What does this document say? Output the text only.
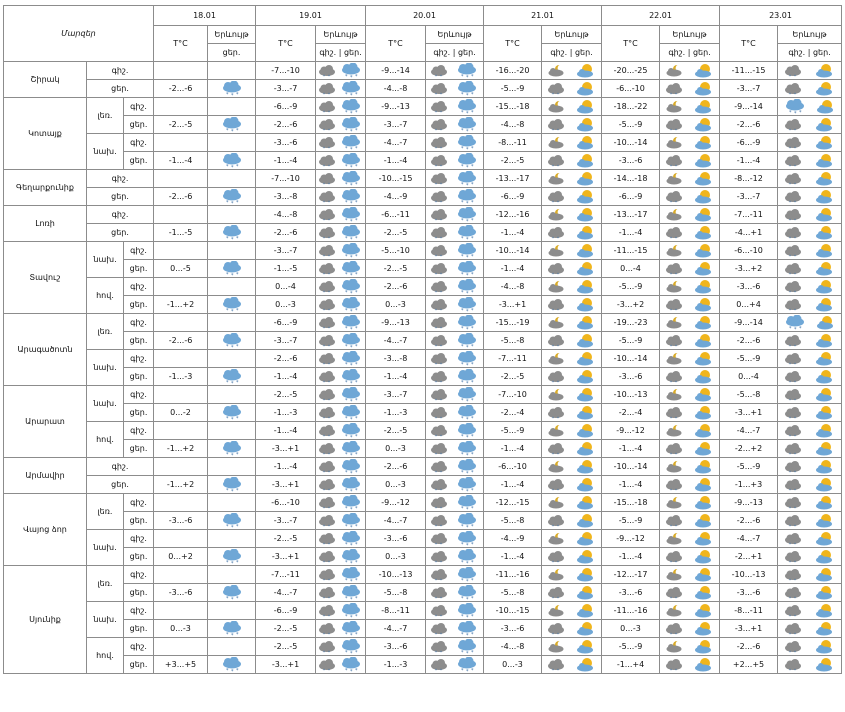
Մարզեր			18.01		19.01		20.01		21.01		22.01		23.01	
			T°C	Երևույթ	T°C	Երևույթ	T°C	Երևույթ	T°C	Երևույթ	T°C	Երևույթ	T°C	Երևույթ
				ցեր.		գիշ. | ցեր.		գիշ. | ցեր.		գիշ. | ցեր.		գիշ. | ցեր.		գիշ. | ցեր.
Շիրակ	գիշ.				-7...-10	* * * * *	-9...-14	* * * * *	-16...-20		-20...-25		-11...-15	* *

	ցեր.		-2...-6	* * *	-3...-7	* * * * *	-4...-8	* * * * *	-5...-9	* *	-6...-10	* *	-3...-7	* *

Կոտայք	լեռ.	գիշ.			-6...-9	* * * * *	-9...-13	* * * * *	-15...-18		-18...-22		-9...-14	* * *

		ցեր.	-2...-5	* * *	-2...-6	* * * * *	-3...-7	* * * * *	-4...-8	* *	-5...-9	* *	-2...-6	* *

	նախ.	գիշ.			-3...-6	* * * * *	-4...-7	* * * * *	-8...-11		-10...-14		-6...-9	* *

		ցեր.	-1...-4	* * *	-1...-4	* * * * *	-1...-4	* * * * *	-2...-5	* *	-3...-6	* *	-1...-4	* *

Գեղարքունիք	գիշ.				-7...-10	* * * * *	-10...-15	* * * * *	-13...-17		-14...-18		-8...-12	* *

	ցեր.		-2...-6	* * *	-3...-8	* * * * *	-4...-9	* * * * *	-6...-9	* *	-6...-9	* *	-3...-7	* *

Լոռի	գիշ.				-4...-8	* * * * *	-6...-11	* * * * *	-12...-16		-13...-17		-7...-11	* *

	ցեր.		-1...-5	* * *	-2...-6	* * * * *	-2...-5	* * * * *	-1...-4	* *	-1...-4	* *	-4...+1	* *

Տավուշ	նախ.	գիշ.			-3...-7	* * * * *	-5...-10	* * * * *	-10...-14		-11...-15		-6...-10	* *

		ցեր.	0...-5	* * *	-1...-5	* * * * *	-2...-5	* * * * *	-1...-4	* *	0...-4	* *	-3...+2	* *

	հով.	գիշ.			0...-4	* * * * *	-2...-6	* * * * *	-4...-8		-5...-9		-3...-6	* *

		ցեր.	-1...+2	* * *	0...-3	* * * * *	0...-3	* * * * *	-3...+1	* *	-3...+2	* *	0...+4	* *

Արագածոտն	լեռ.	գիշ.			-6...-9	* * * * *	-9...-13	* * * * *	-15...-19		-19...-23		-9...-14	* * *

		ցեր.	-2...-6	* * *	-3...-7	* * * * *	-4...-7	* * * * *	-5...-8	* *	-5...-9	* *	-2...-6	* *

	նախ.	գիշ.			-2...-6	* * * * *	-3...-8	* * * * *	-7...-11		-10...-14		-5...-9	* *

		ցեր.	-1...-3	* * *	-1...-4	* * * * *	-1...-4	* * * * *	-2...-5	* *	-3...-6	* *	0...-4	* *

Արարատ	նախ.	գիշ.			-2...-5	* * * * *	-3...-7	* * * * *	-7...-10		-10...-13		-5...-8	* *

		ցեր.	0...-2	* * *	-1...-3	* * * * *	-1...-3	* * * * *	-2...-4	* *	-2...-4	* *	-3...+1	* *

	հով.	գիշ.			-1...-4	* * * * *	-2...-5	* * * * *	-5...-9		-9...-12		-4...-7	* *

		ցեր.	-1...+2	* * *	-3...+1	* * * * *	0...-3	* * * * *	-1...-4	* *	-1...-4	* *	-2...+2	* *

Արմավիր	գիշ.				-1...-4	* * * * *	-2...-6	* * * * *	-6...-10		-10...-14		-5...-9	* *

	ցեր.		-1...+2	* * *	-3...+1	* * * * *	0...-3	* * * * *	-1...-4	* *	-1...-4	* *	-1...+3	* *

Վայոց ձոր	լեռ.	գիշ.			-6...-10	* * * * *	-9...-12	* * * * *	-12...-15		-15...-18		-9...-13	* *

		ցեր.	-3...-6	* * *	-3...-7	* * * * *	-4...-7	* * * * *	-5...-8	* *	-5...-9	* *	-2...-6	* *

	նախ.	գիշ.			-2...-5	* * * * *	-3...-6	* * * * *	-4...-9		-9...-12		-4...-7	* *

		ցեր.	0...+2	* * *	-3...+1	* * * * *	0...-3	* * * * *	-1...-4	* *	-1...-4	* *	-2...+1	* *

Սյունիք	լեռ.	գիշ.			-7...-11	* * * * *	-10...-13	* * * * *	-11...-16		-12...-17		-10...-13	* *

		ցեր.	-3...-6	* * *	-4...-7	* * * * *	-5...-8	* * * * *	-5...-8	* *	-3...-6	* *	-3...-6	* *

	նախ.	գիշ.			-6...-9	* * * * *	-8...-11	* * * * *	-10...-15		-11...-16		-8...-11	* *

		ցեր.	0...-3	* * *	-2...-5	* * * * *	-4...-7	* * * * *	-3...-6	* *	0...-3	* *	-3...+1	* *

	հով.	գիշ.			-2...-5	* * * * *	-3...-6	* * * * *	-4...-8		-5...-9		-2...-6	* *

		ցեր.	+3...+5	* * *	-3...+1	* * * * *	-1...-3	* * * * *	0...-3	* *	-1...+4	* *	+2...+5	* *
